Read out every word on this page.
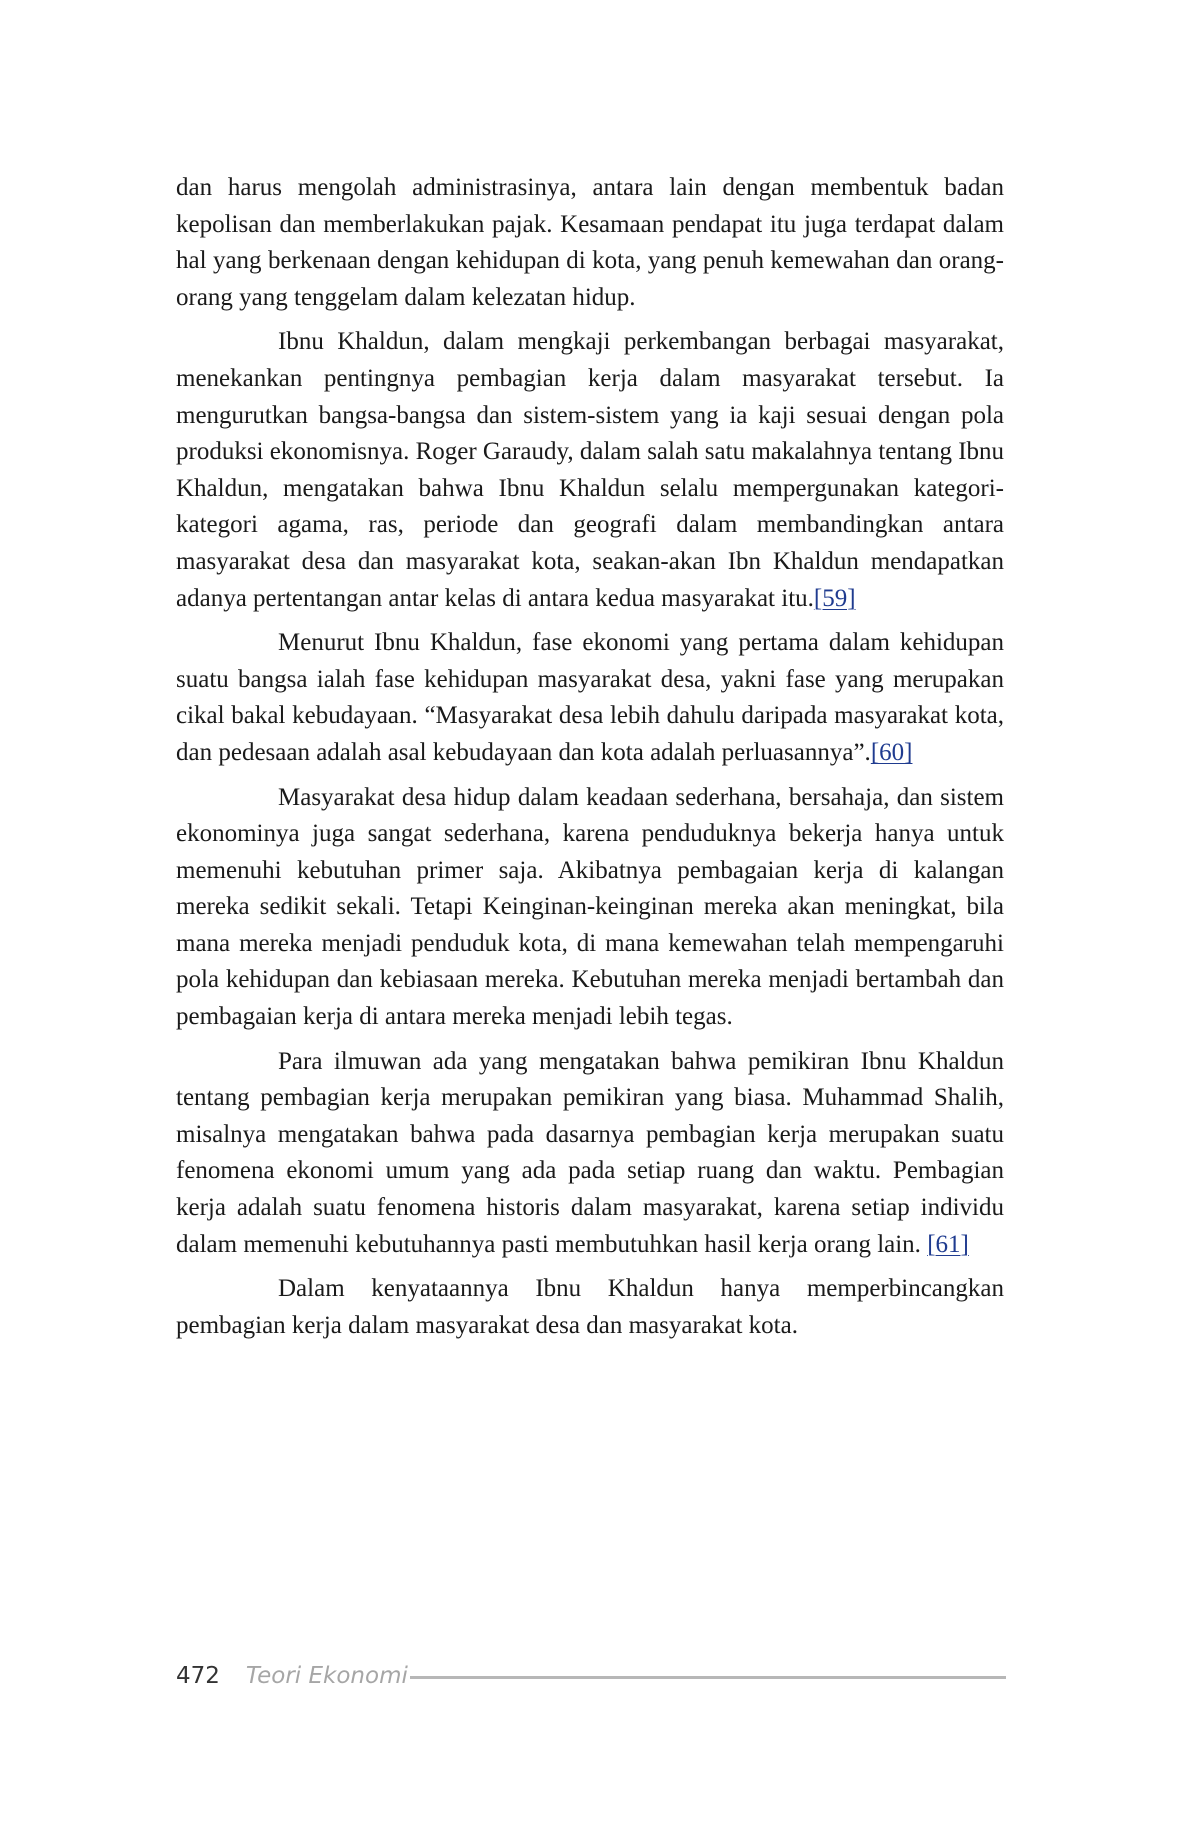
dan harus mengolah administrasinya, antara lain dengan membentuk badan kepolisan dan memberlakukan pajak. Kesamaan pendapat itu juga terdapat dalam hal yang berkenaan dengan kehidupan di kota, yang penuh kemewahan dan orang-orang yang tenggelam dalam kelezatan hidup.

Ibnu Khaldun, dalam mengkaji perkembangan berbagai masyarakat, menekankan pentingnya pembagian kerja dalam masyarakat tersebut. Ia mengurutkan bangsa-bangsa dan sistem-sistem yang ia kaji sesuai dengan pola produksi ekonomisnya. Roger Garaudy, dalam salah satu makalahnya tentang Ibnu Khaldun, mengatakan bahwa Ibnu Khaldun selalu mempergunakan kategori-kategori agama, ras, periode dan geografi dalam membandingkan antara masyarakat desa dan masyarakat kota, seakan-akan Ibn Khaldun mendapatkan adanya pertentangan antar kelas di antara kedua masyarakat itu.[59]

Menurut Ibnu Khaldun, fase ekonomi yang pertama dalam kehidupan suatu bangsa ialah fase kehidupan masyarakat desa, yakni fase yang merupakan cikal bakal kebudayaan. “Masyarakat desa lebih dahulu daripada masyarakat kota, dan pedesaan adalah asal kebudayaan dan kota adalah perluasannya”.[60]

Masyarakat desa hidup dalam keadaan sederhana, bersahaja, dan sistem ekonominya juga sangat sederhana, karena penduduknya bekerja hanya untuk memenuhi kebutuhan primer saja. Akibatnya pembagaian kerja di kalangan mereka sedikit sekali. Tetapi Keinginan-keinginan mereka akan meningkat, bila mana mereka menjadi penduduk kota, di mana kemewahan telah mempengaruhi pola kehidupan dan kebiasaan mereka. Kebutuhan mereka menjadi bertambah dan pembagaian kerja di antara mereka menjadi lebih tegas.

Para ilmuwan ada yang mengatakan bahwa pemikiran Ibnu Khaldun tentang pembagian kerja merupakan pemikiran yang biasa. Muhammad Shalih, misalnya mengatakan bahwa pada dasarnya pembagian kerja merupakan suatu fenomena ekonomi umum yang ada pada setiap ruang dan waktu. Pembagian kerja adalah suatu fenomena historis dalam masyarakat, karena setiap individu dalam memenuhi kebutuhannya pasti membutuhkan hasil kerja orang lain. [61]

Dalam kenyataannya Ibnu Khaldun hanya memperbincangkan pembagian kerja dalam masyarakat desa dan masyarakat kota.

472 Teori Ekonomi
